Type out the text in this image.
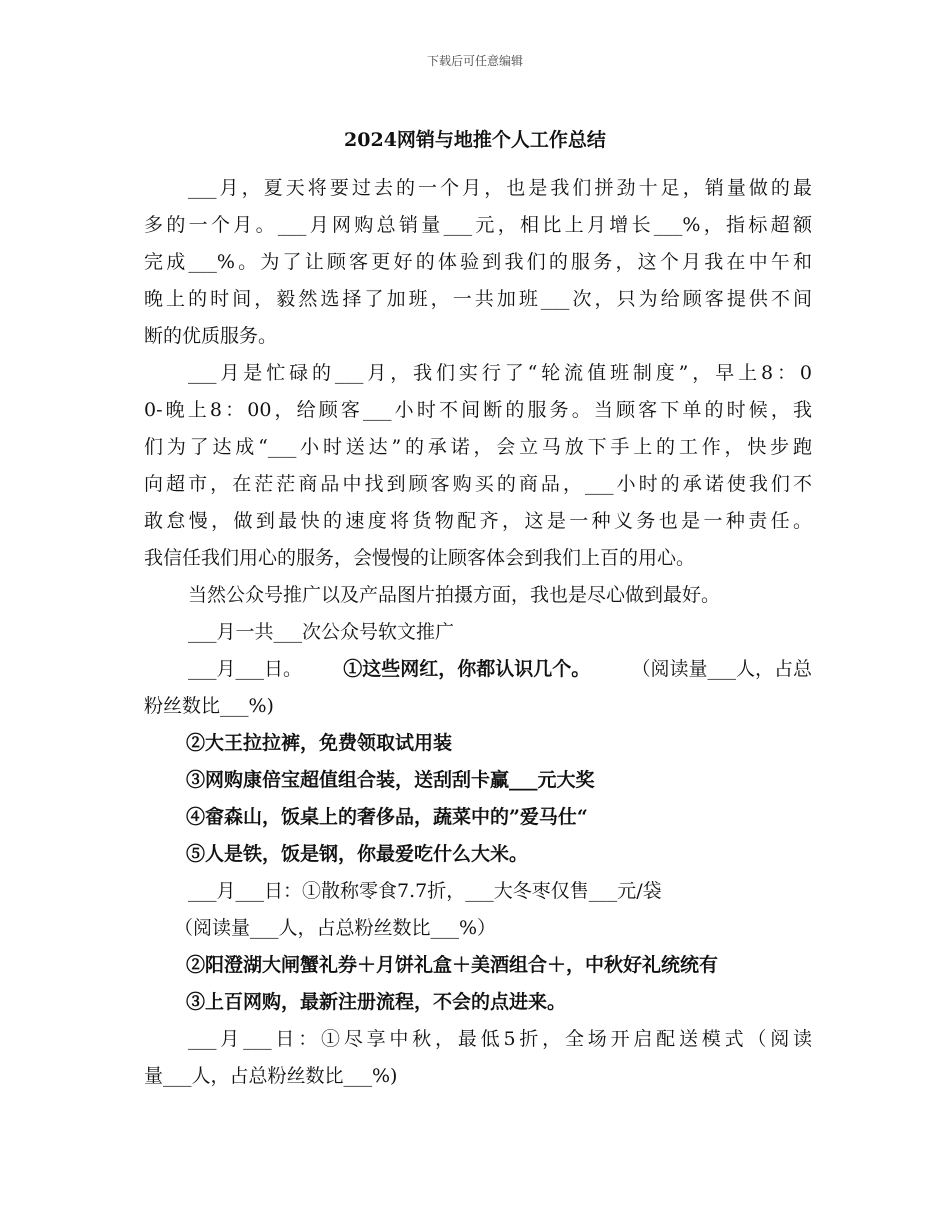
下载后可任意编辑
2024网销与地推个人工作总结
___月，夏天将要过去的一个月，也是我们拼劲十足，销量做的最
多的一个月。___月网购总销量___元，相比上月增长___%，指标超额
完成___%。为了让顾客更好的体验到我们的服务，这个月我在中午和
晚上的时间，毅然选择了加班，一共加班___次，只为给顾客提供不间
断的优质服务。
___月是忙碌的___月，我们实行了“轮流值班制度”，早上8：0
0-晚上8：00，给顾客___小时不间断的服务。当顾客下单的时候，我
们为了达成“___小时送达”的承诺，会立马放下手上的工作，快步跑
向超市，在茫茫商品中找到顾客购买的商品，___小时的承诺使我们不
敢怠慢，做到最快的速度将货物配齐，这是一种义务也是一种责任。
我信任我们用心的服务，会慢慢的让顾客体会到我们上百的用心。
当然公众号推广以及产品图片拍摄方面，我也是尽心做到最好。
___月一共___次公众号软文推广
___月___日。 ①这些网红，你都认识几个。 （阅读量___人，占总
粉丝数比___%)
②大王拉拉裤，免费领取试用装
③网购康倍宝超值组合装，送刮刮卡赢___元大奖
④畲森山，饭桌上的奢侈品，蔬菜中的”爱马仕“
⑤人是铁，饭是钢，你最爱吃什么大米。
___月___日：①散称零食7.7折，___大冬枣仅售___元/袋
（阅读量___人，占总粉丝数比___%）
②阳澄湖大闸蟹礼券＋月饼礼盒＋美酒组合＋，中秋好礼统统有
③上百网购，最新注册流程，不会的点进来。
___月___日：①尽享中秋，最低5折，全场开启配送模式（阅读
量___人，占总粉丝数比___%)
